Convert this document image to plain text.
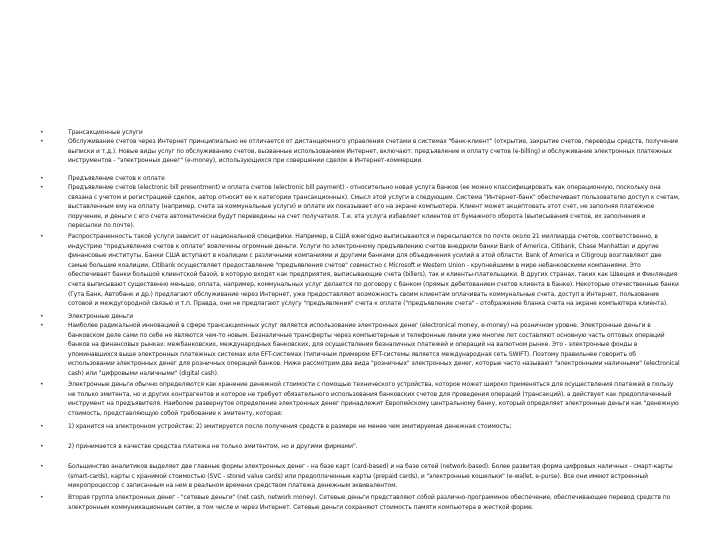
•	Трансакционные услуги
•	Обслуживание счетов через Интернет принципиально не отличается от дистанционного управления счетами в системах "банк-клиент" (открытие, закрытие счетов, переводы средств, получение выписки и т.д.). Новые виды услуг по обслуживанию счетов, вызванные использованием Интернет, включают: предъявление и оплату счетов (e-billing) и обслуживание электронных платежных инструментов - "электронных денег" (e-money), использующихся при совершении сделок в Интернет-коммерции.
•	Предъявление счетов к оплате
•	Предъявление счетов (electronic bill presentment) и оплата счетов (electronic bill payment) - относительно новая услуга банков (ее можно классифицировать как операционную, поскольку она связана с учетом и регистрацией сделок, автор относит ее к категории трансакционных). Смысл этой услуги в следующем. Система "Интернет-банк" обеспечивает пользователю доступ к счетам, выставленным ему на оплату (например, счета за коммунальные услуги) и оплате их показывает его на экране компьютера. Клиент может акцептовать этот счет, не заполняя платежное поручение, и деньги с его счета автоматически будут переведены на счет получателя. Т.е. эта услуга избавляет клиентов от бумажного оборота (выписывания счетов, их заполнения и пересылки по почте).
•	Распространенность такой услуги зависит от национальной специфики. Например, в США ежегодно выписываются и пересылаются по почте около 21 миллиарда счетов, соответственно, в индустрию "предъявления счетов к оплате" вовлечены огромные деньги. Услуги по электронному предъявлению счетов внедрили банки Bank of America, Citibank, Chase Manhattan и другие финансовые институты. Банки США вступают в коалиции с различными компаниями и другими банками для объединения усилий в этой области. Bank of America и Citigroup возглавляют две самые большие коалиции, Citibank осуществляет предоставление "предъявления счетов" совместно с Microsoft и Western Union - крупнейшими в мире небанковскими компаниями. Это обеспечивает банки большой клиентской базой, в которую входят как предприятия, выписывающие счета (billers), так и клиенты-плательщики. В других странах, таких как Швеция и Финляндия счета выписывают существенно меньше, оплата, например, коммунальных услуг делается по договору с банком (прямых дебетованием счетов клиента в банке). Некоторые отечественные банки (Гута Банк, Автобанк и др.) предлагают обслуживание через Интернет, уже предоставляют возможность своим клиентам оплачивать коммунальные счета, доступ в Интернет, пользование сотовой и междугородной связью и т.п. Правда, они не предлагают услугу "предъявления" счета к оплате ("предъявление счета" - отображение бланка счета на экране компьютера клиента).
•	Электронные деньги
•	Наиболее радикальной инновацией в сфере трансакционных услуг является использование электронных денег (electronical money, e-money) на розничном уровне. Электронные деньги в банковском деле сами по себе не являются чем-то новым. Безналичные трансферты через компьютерные и телефонные линии уже многие лет составляют основную часть оптовых операций банков на финансовых рынках: межбанковских, международных банковских, для осуществления безналичных платежей и операций на валютном рынке. Это - электронные фонды в упоминавшихся выше электронных платежных системах или EFT-системах (типичным примером EFT-системы является международная сеть SWIFT). Поэтому правильнее говорить об использовании электронных денег для розничных операций банков. Ниже рассмотрим два вида "розничных" электронных денег, которые часто называют "электронными наличными" (electronical cash) или "цифровыми наличными" (digital cash).
•	Электронные деньги обычно определяются как хранение денежной стоимости с помощью технического устройства, которое может широко применяться для осуществления платежей в пользу не только эмитента, но и других контрагентов и которое не требует обязательного использования банковских счетов для проведения операций (трансакций), а действует как предоплаченный инструмент на предъявителя. Наиболее развернутое определение электронных денег принадлежит Европейскому центральному банку, который определяет электронные деньги как "денежную стоимость, представляющую собой требование к эмитенту, которая:
•	1) хранится на электронном устройстве; 2) эмитируется после получения средств в размере не менее чем эмитируемая денежная стоимость;
•	2) принимается в качестве средства платежа не только эмитентом, но и другими фирмами".
•	Большинство аналитиков выделяет две главные формы электронных денег - на базе карт (card-based) и на базе сетей (network-based). Более развитая форма цифровых наличных - смарт-карты (smart-cards), карты с хранимой стоимостью (SVC - stored value cards) или предоплаченные карты (prepaid cards), и "электронные кошельки" (e-wallet, e-purse). Все они имеют встроенный микропроцессор с записанным на нем в реальном времени средством платежа денежным эквивалентом.
•	Вторая группа электронных денег - "сетевые деньги" (net cash, network money). Сетевые деньги представляют собой различно-программное обеспечение, обеспечивающее перевод средств по электронным коммуникационным сетям, в том числе и через Интернет. Сетевые деньги сохраняют стоимость памяти компьютера в жесткой форме.
